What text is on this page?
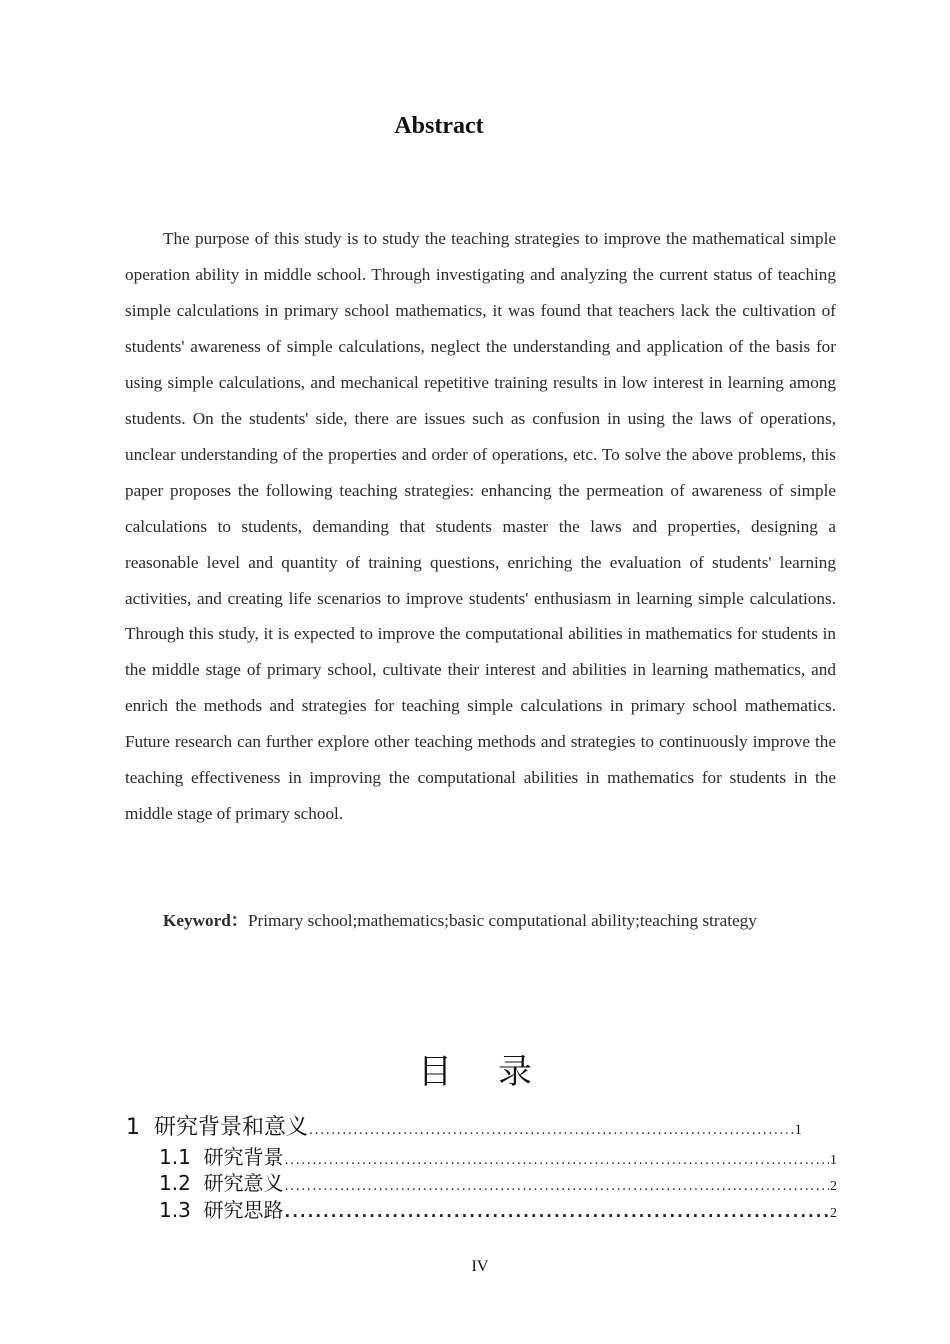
Abstract

The purpose of this study is to study the teaching strategies to improve the mathematical simple operation ability in middle school. Through investigating and analyzing the current status of teaching simple calculations in primary school mathematics, it was found that teachers lack the cultivation of students' awareness of simple calculations, neglect the understanding and application of the basis for using simple calculations, and mechanical repetitive training results in low interest in learning among students. On the students' side, there are issues such as confusion in using the laws of operations, unclear understanding of the properties and order of operations, etc. To solve the above problems, this paper proposes the following teaching strategies: enhancing the permeation of awareness of simple calculations to students, demanding that students master the laws and properties, designing a reasonable level and quantity of training questions, enriching the evaluation of students' learning activities, and creating life scenarios to improve students' enthusiasm in learning simple calculations. Through this study, it is expected to improve the computational abilities in mathematics for students in the middle stage of primary school, cultivate their interest and abilities in learning mathematics, and enrich the methods and strategies for teaching simple calculations in primary school mathematics. Future research can further explore other teaching methods and strategies to continuously improve the teaching effectiveness in improving the computational abilities in mathematics for students in the middle stage of primary school.

Keyword：Primary school;mathematics;basic computational ability;teaching strategy
目 录
1 研究背景和意义 .....	1
1.1 研究背景 .....	1
1.2 研究意义 .....	2
1.3 研究思路 .....	2
IV
